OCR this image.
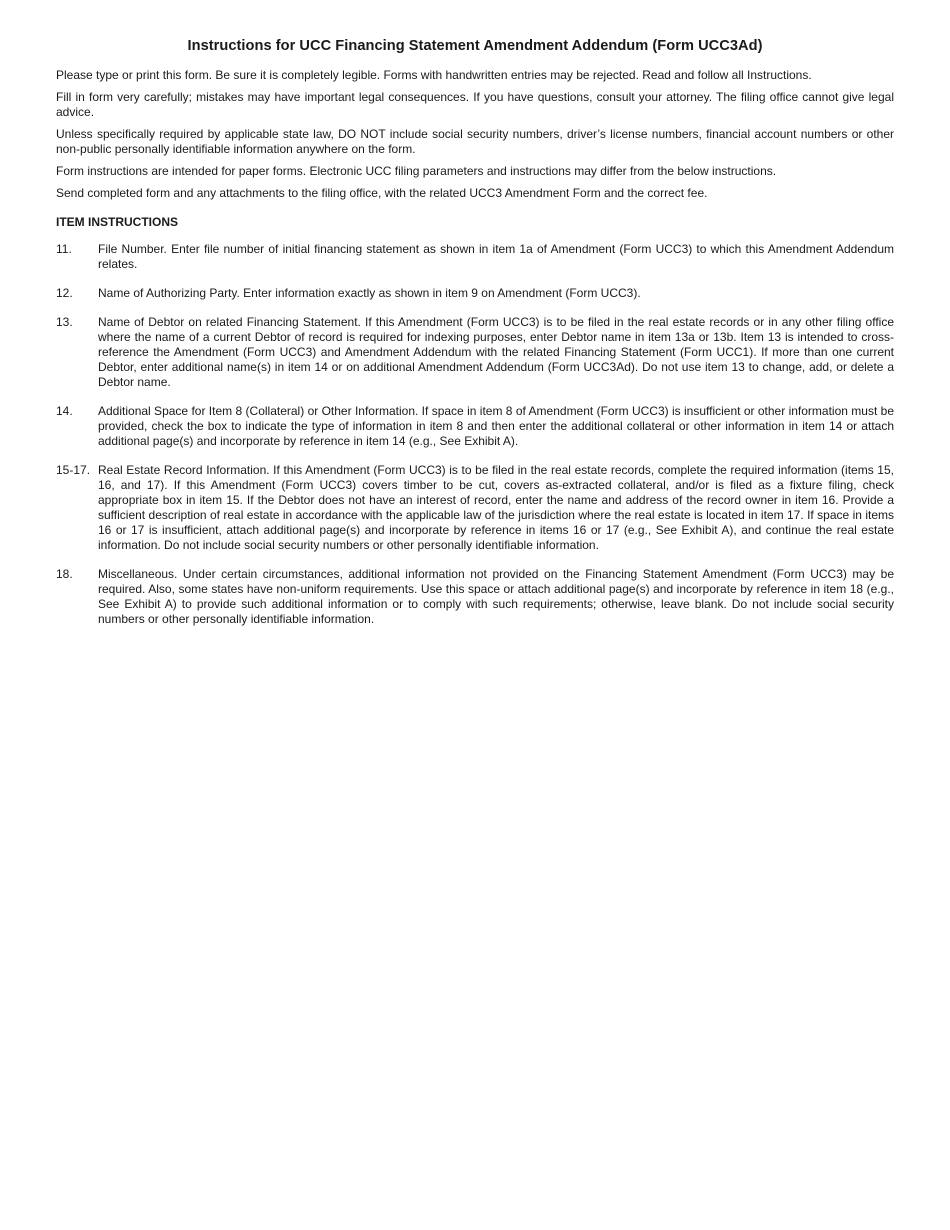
Instructions for UCC Financing Statement Amendment Addendum (Form UCC3Ad)

Please type or print this form. Be sure it is completely legible. Forms with handwritten entries may be rejected. Read and follow all Instructions.

Fill in form very carefully; mistakes may have important legal consequences. If you have questions, consult your attorney. The filing office cannot give legal advice.

Unless specifically required by applicable state law, DO NOT include social security numbers, driver’s license numbers, financial account numbers or other non-public personally identifiable information anywhere on the form.

Form instructions are intended for paper forms. Electronic UCC filing parameters and instructions may differ from the below instructions.

Send completed form and any attachments to the filing office, with the related UCC3 Amendment Form and the correct fee.

ITEM INSTRUCTIONS
11.	File Number. Enter file number of initial financing statement as shown in item 1a of Amendment (Form UCC3) to which this Amendment Addendum relates.
12.	Name of Authorizing Party. Enter information exactly as shown in item 9 on Amendment (Form UCC3).
13.	Name of Debtor on related Financing Statement. If this Amendment (Form UCC3) is to be filed in the real estate records or in any other filing office where the name of a current Debtor of record is required for indexing purposes, enter Debtor name in item 13a or 13b. Item 13 is intended to cross-reference the Amendment (Form UCC3) and Amendment Addendum with the related Financing Statement (Form UCC1). If more than one current Debtor, enter additional name(s) in item 14 or on additional Amendment Addendum (Form UCC3Ad). Do not use item 13 to change, add, or delete a Debtor name.
14.	Additional Space for Item 8 (Collateral) or Other Information. If space in item 8 of Amendment (Form UCC3) is insufficient or other information must be provided, check the box to indicate the type of information in item 8 and then enter the additional collateral or other information in item 14 or attach additional page(s) and incorporate by reference in item 14 (e.g., See Exhibit A).
15-17. Real Estate Record Information. If this Amendment (Form UCC3) is to be filed in the real estate records, complete the required information (items 15, 16, and 17). If this Amendment (Form UCC3) covers timber to be cut, covers as-extracted collateral, and/or is filed as a fixture filing, check appropriate box in item 15. If the Debtor does not have an interest of record, enter the name and address of the record owner in item 16. Provide a sufficient description of real estate in accordance with the applicable law of the jurisdiction where the real estate is located in item 17. If space in items 16 or 17 is insufficient, attach additional page(s) and incorporate by reference in items 16 or 17 (e.g., See Exhibit A), and continue the real estate information. Do not include social security numbers or other personally identifiable information.
18.	Miscellaneous. Under certain circumstances, additional information not provided on the Financing Statement Amendment (Form UCC3) may be required. Also, some states have non-uniform requirements. Use this space or attach additional page(s) and incorporate by reference in item 18 (e.g., See Exhibit A) to provide such additional information or to comply with such requirements; otherwise, leave blank. Do not include social security numbers or other personally identifiable information.
